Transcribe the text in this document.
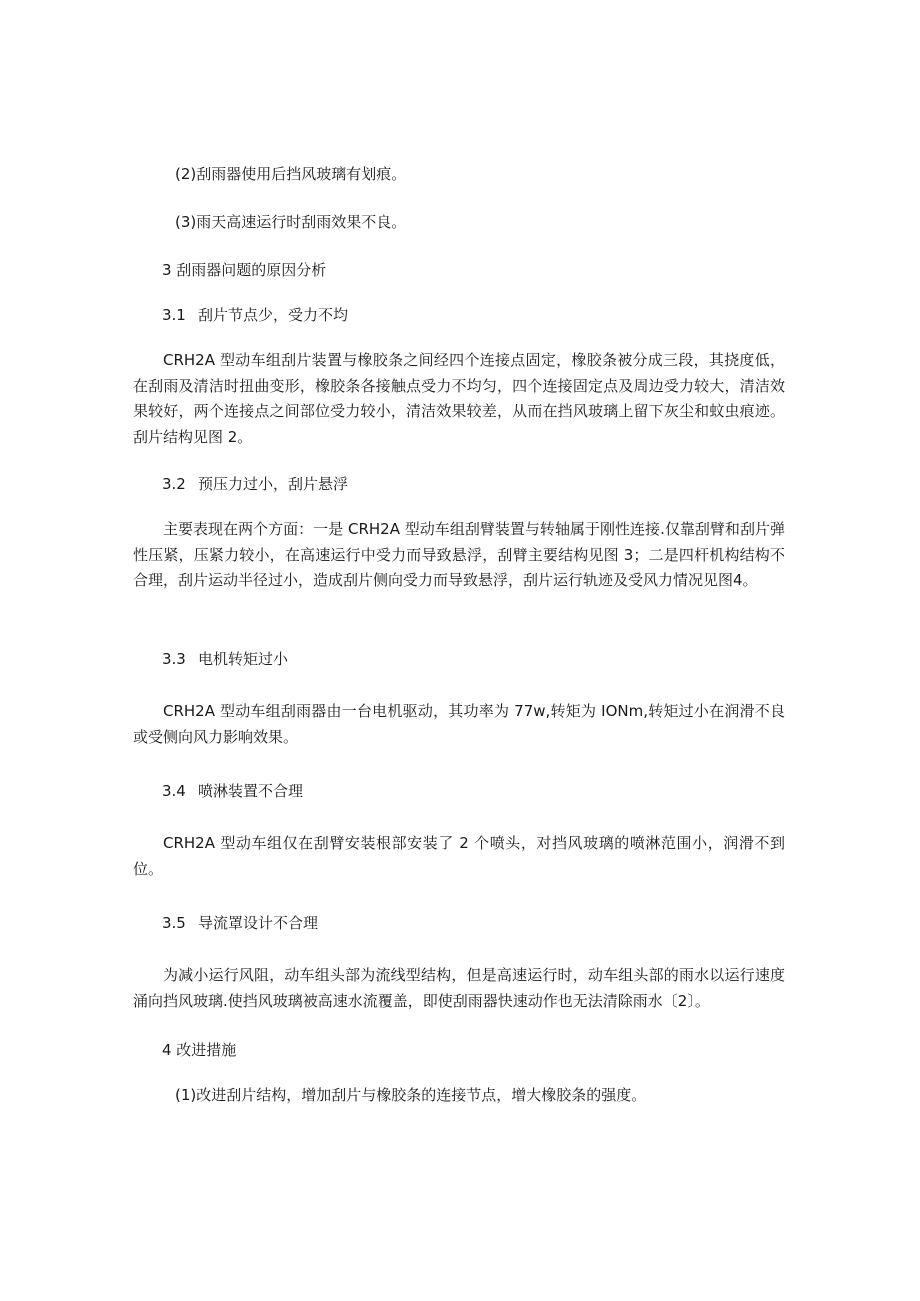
(2)刮雨器使用后挡风玻璃有划痕。
(3)雨天高速运行时刮雨效果不良。
3 刮雨器问题的原因分析
3.1 刮片节点少，受力不均
CRH2A 型动车组刮片装置与橡胶条之间经四个连接点固定，橡胶条被分成三段，其挠度低，在刮雨及清洁时扭曲变形，橡胶条各接触点受力不均匀，四个连接固定点及周边受力较大，清洁效果较好，两个连接点之间部位受力较小，清洁效果较差，从而在挡风玻璃上留下灰尘和蚊虫痕迹。刮片结构见图 2。
3.2 预压力过小，刮片悬浮
主要表现在两个方面：一是 CRH2A 型动车组刮臂装置与转轴属于刚性连接.仅靠刮臂和刮片弹性压紧，压紧力较小，在高速运行中受力而导致悬浮，刮臂主要结构见图 3；二是四杆机构结构不合理，刮片运动半径过小，造成刮片侧向受力而导致悬浮，刮片运行轨迹及受风力情况见图4。
3.3 电机转矩过小
CRH2A 型动车组刮雨器由一台电机驱动，其功率为 77w,转矩为 IONm,转矩过小在润滑不良或受侧向风力影响效果。
3.4 喷淋装置不合理
CRH2A 型动车组仅在刮臂安装根部安装了 2 个喷头，对挡风玻璃的喷淋范围小，润滑不到位。
3.5 导流罩设计不合理
为减小运行风阻，动车组头部为流线型结构，但是高速运行时，动车组头部的雨水以运行速度涌向挡风玻璃.使挡风玻璃被高速水流覆盖，即使刮雨器快速动作也无法清除雨水〔2〕。
4 改进措施
(1)改进刮片结构，增加刮片与橡胶条的连接节点，增大橡胶条的强度。
